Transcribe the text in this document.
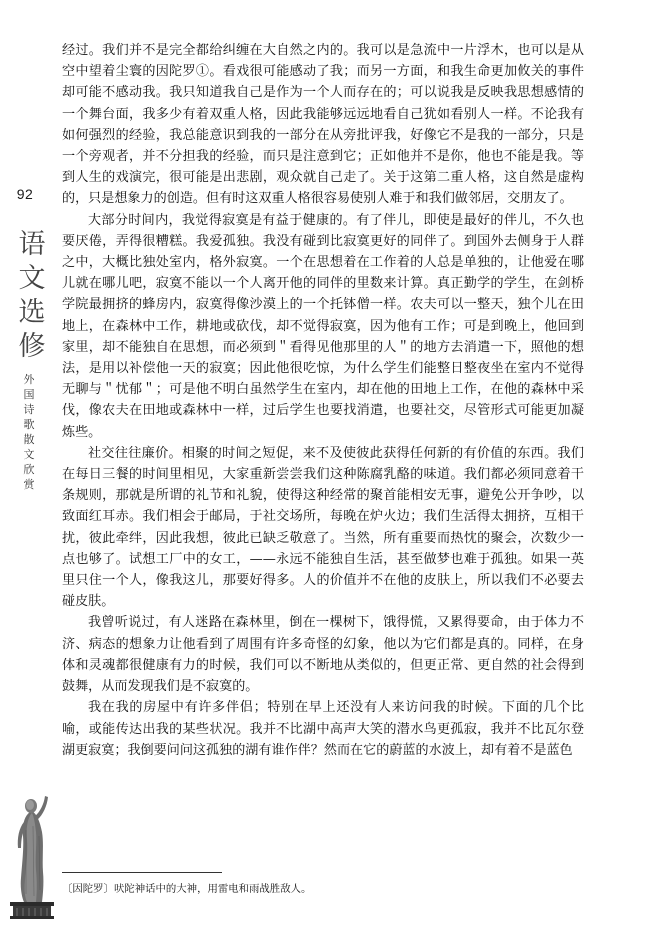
92
语
文
选
修
外
国
诗
歌
散
文
欣
赏

经过。我们并不是完全都给纠缠在大自然之内的。我可以是急流中一片浮木，也可以是从空中望着尘寰的因陀罗①。看戏很可能感动了我；而另一方面，和我生命更加攸关的事件却可能不感动我。我只知道我自己是作为一个人而存在的；可以说我是反映我思想感情的一个舞台面，我多少有着双重人格，因此我能够远远地看自己犹如看别人一样。不论我有如何强烈的经验，我总能意识到我的一部分在从旁批评我，好像它不是我的一部分，只是一个旁观者，并不分担我的经验，而只是注意到它；正如他并不是你，他也不能是我。等到人生的戏演完，很可能是出悲剧，观众就自己走了。关于这第二重人格，这自然是虚构的，只是想象力的创造。但有时这双重人格很容易使别人难于和我们做邻居，交朋友了。

大部分时间内，我觉得寂寞是有益于健康的。有了伴儿，即使是最好的伴儿，不久也要厌倦，弄得很糟糕。我爱孤独。我没有碰到比寂寞更好的同伴了。到国外去侧身于人群之中，大概比独处室内，格外寂寞。一个在思想着在工作着的人总是单独的，让他爱在哪儿就在哪儿吧，寂寞不能以一个人离开他的同伴的里数来计算。真正勤学的学生，在剑桥学院最拥挤的蜂房内，寂寞得像沙漠上的一个托钵僧一样。农夫可以一整天，独个儿在田地上，在森林中工作，耕地或砍伐，却不觉得寂寞，因为他有工作；可是到晚上，他回到家里，却不能独自在思想，而必须到＂看得见他那里的人＂的地方去消遣一下，照他的想法，是用以补偿他一天的寂寞；因此他很吃惊，为什么学生们能整日整夜坐在室内不觉得无聊与＂忧郁＂；可是他不明白虽然学生在室内，却在他的田地上工作，在他的森林中采伐，像农夫在田地或森林中一样，过后学生也要找消遣，也要社交，尽管形式可能更加凝炼些。

社交往往廉价。相聚的时间之短促，来不及使彼此获得任何新的有价值的东西。我们在每日三餐的时间里相见，大家重新尝尝我们这种陈腐乳酪的味道。我们都必须同意着干条规则，那就是所谓的礼节和礼貌，使得这种经常的聚首能相安无事，避免公开争吵，以致面红耳赤。我们相会于邮局，于社交场所，每晚在炉火边；我们生活得太拥挤，互相干扰，彼此牵绊，因此我想，彼此已缺乏敬意了。当然，所有重要而热忱的聚会，次数少一点也够了。试想工厂中的女工，——永远不能独自生活，甚至做梦也难于孤独。如果一英里只住一个人，像我这儿，那要好得多。人的价值并不在他的皮肤上，所以我们不必要去碰皮肤。

我曾听说过，有人迷路在森林里，倒在一棵树下，饿得慌，又累得要命，由于体力不济、病态的想象力让他看到了周围有许多奇怪的幻象，他以为它们都是真的。同样，在身体和灵魂都很健康有力的时候，我们可以不断地从类似的，但更正常、更自然的社会得到鼓舞，从而发现我们是不寂寞的。

我在我的房屋中有许多伴侣；特别在早上还没有人来访问我的时候。下面的几个比喻，或能传达出我的某些状况。我并不比湖中高声大笑的潜水鸟更孤寂，我并不比瓦尔登湖更寂寞；我倒要问问这孤独的湖有谁作伴？然而在它的蔚蓝的水波上，却有着不是蓝色

〔因陀罗〕吠陀神话中的大神，用雷电和雨战胜敌人。
